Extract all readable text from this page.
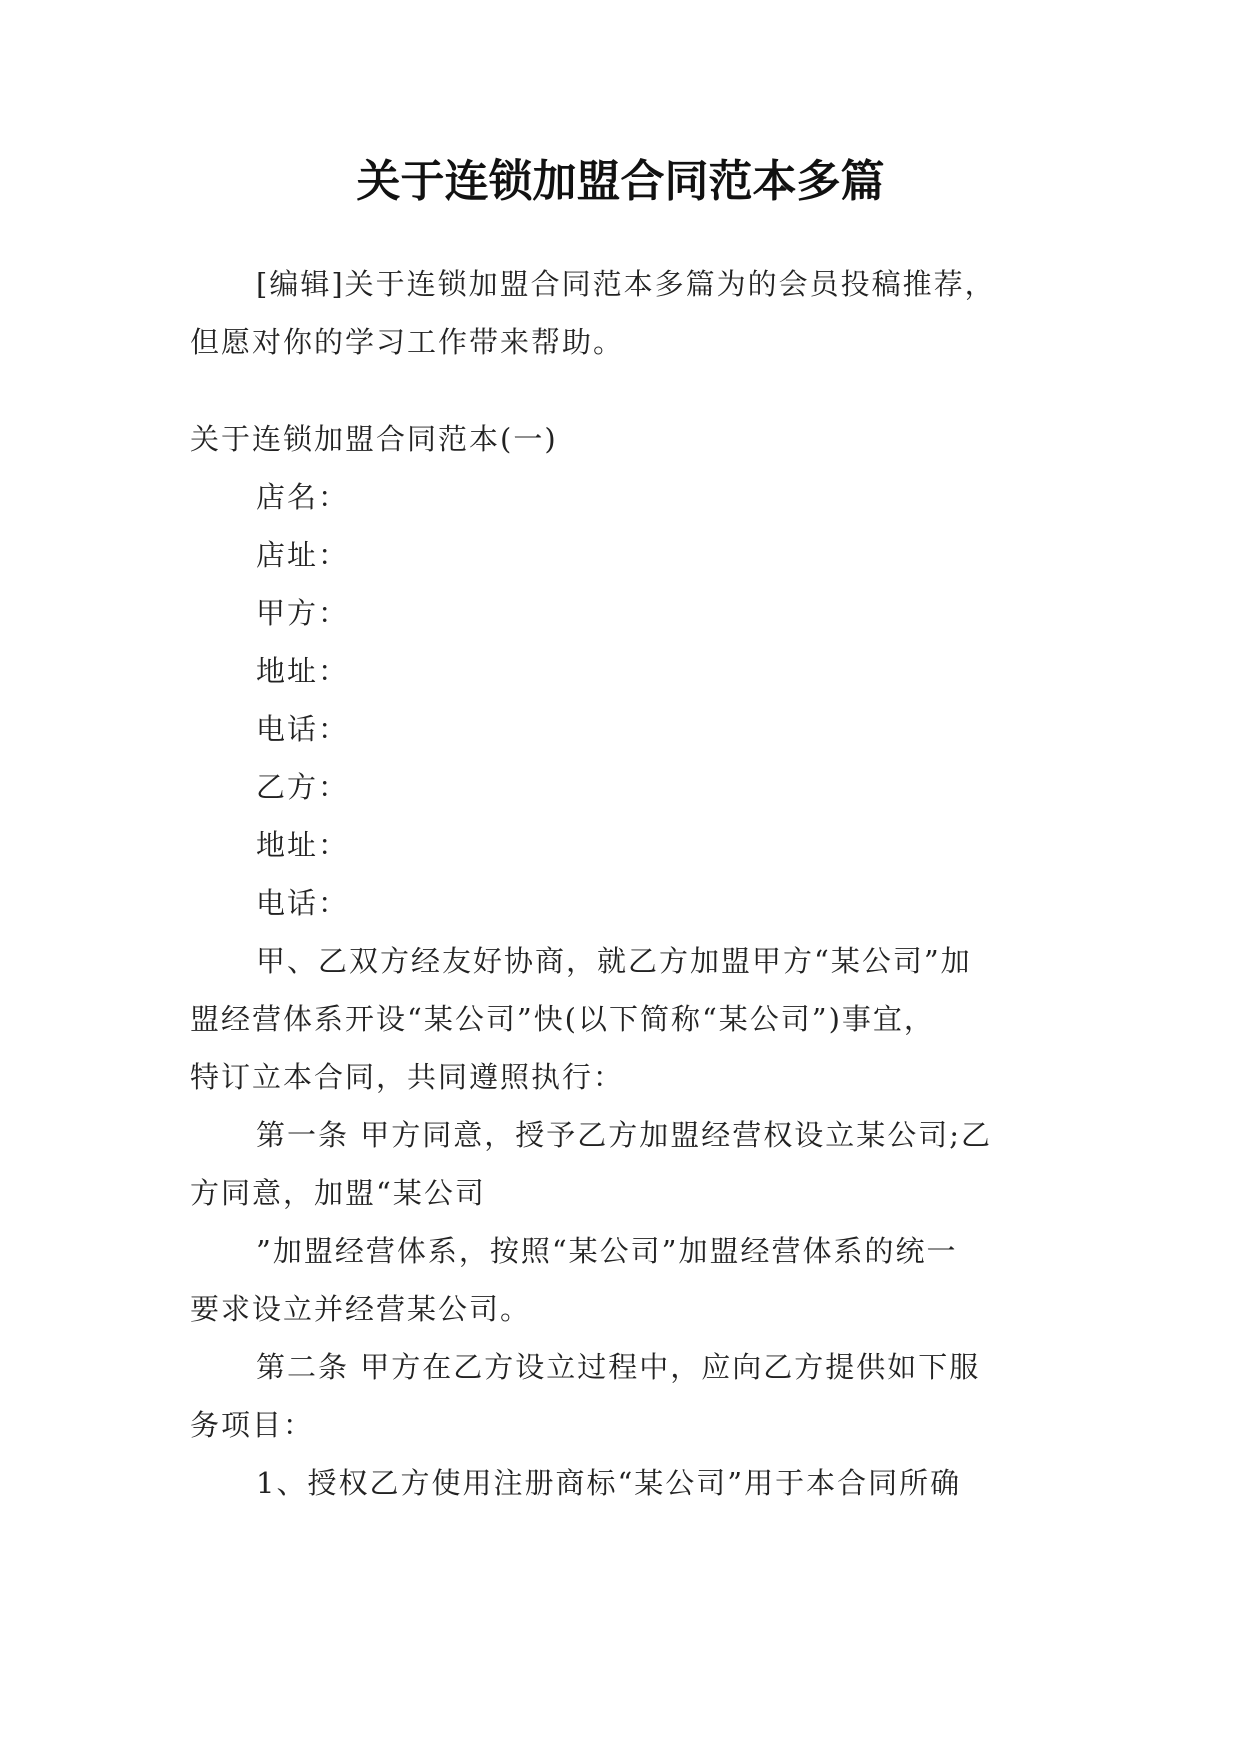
关于连锁加盟合同范本多篇
[编辑]关于连锁加盟合同范本多篇为的会员投稿推荐，
但愿对你的学习工作带来帮助。
关于连锁加盟合同范本(一)
店名：
店址：
甲方：
地址：
电话：
乙方：
地址：
电话：
甲、乙双方经友好协商，就乙方加盟甲方“某公司”加
盟经营体系开设“某公司”快(以下简称“某公司”)事宜，
特订立本合同，共同遵照执行：
第一条 甲方同意，授予乙方加盟经营权设立某公司;乙
方同意，加盟“某公司
”加盟经营体系，按照“某公司”加盟经营体系的统一
要求设立并经营某公司。
第二条 甲方在乙方设立过程中，应向乙方提供如下服
务项目：
1、授权乙方使用注册商标“某公司”用于本合同所确
